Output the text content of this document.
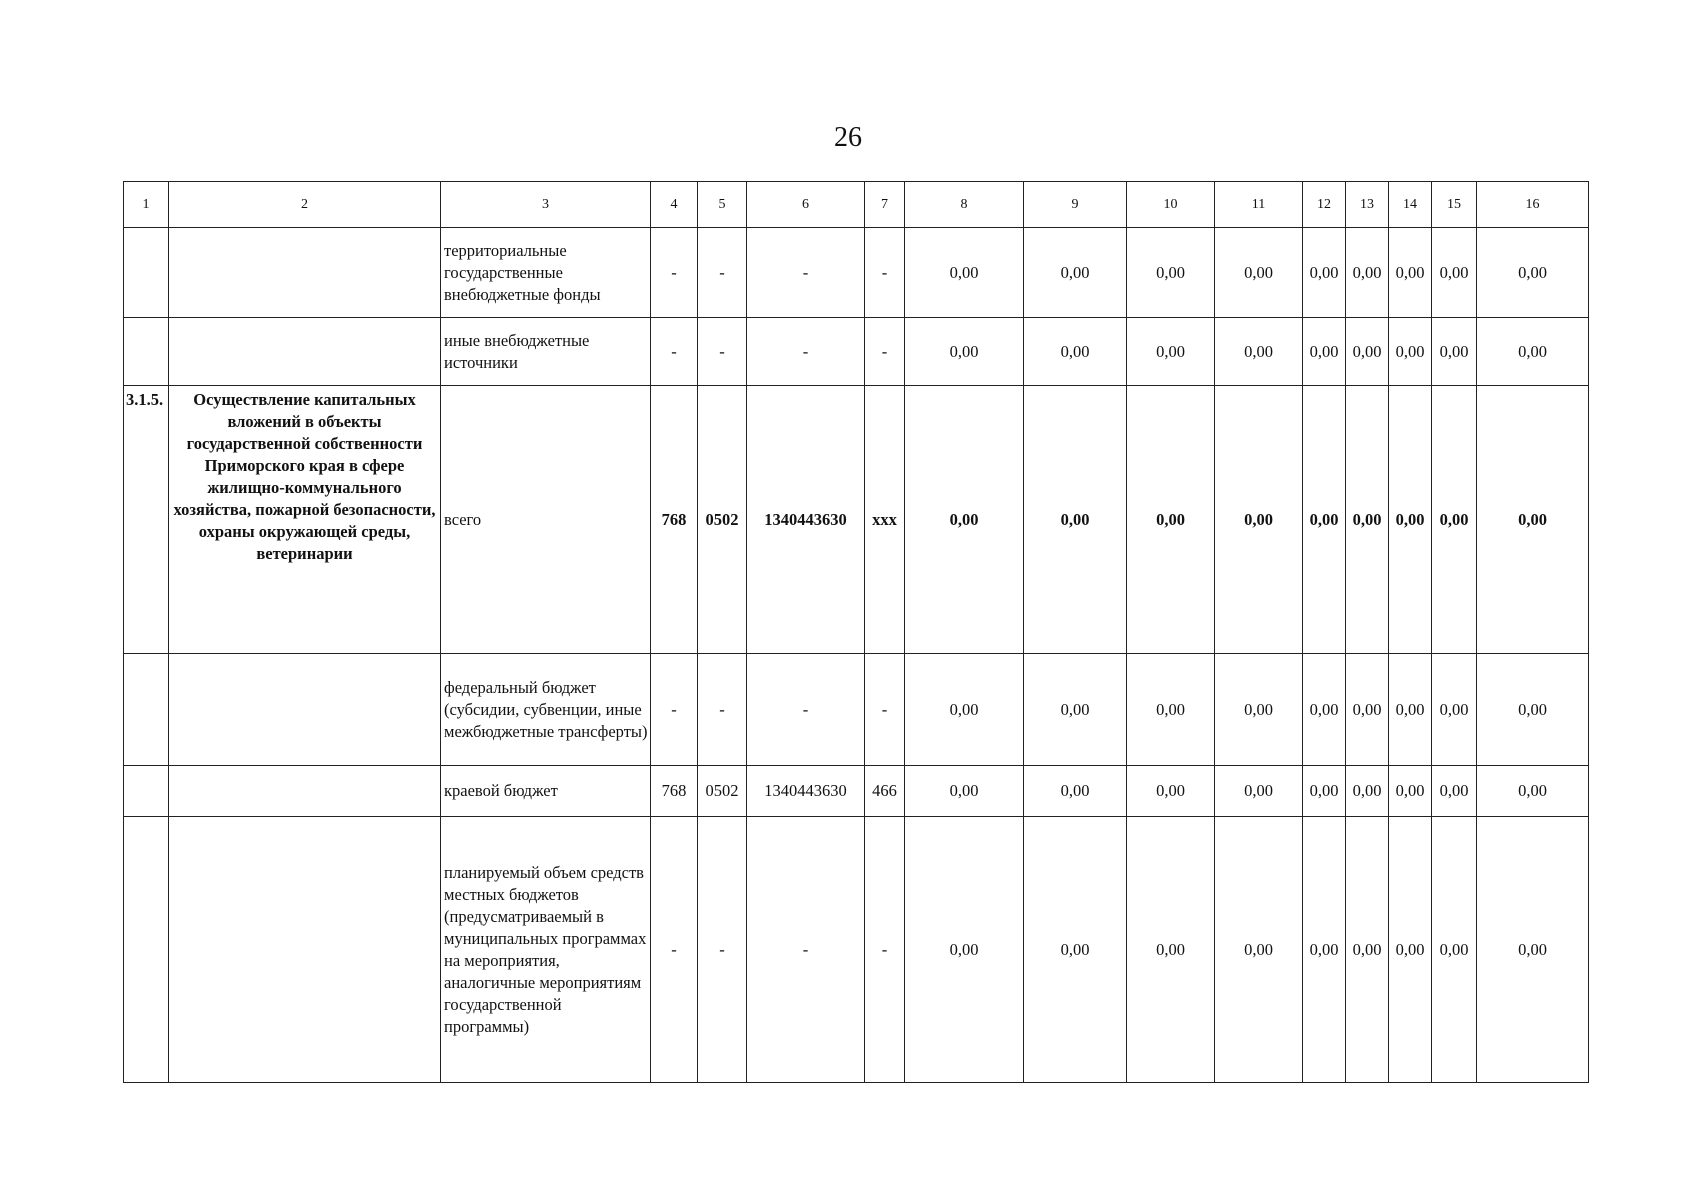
26
1	2	3	4	5	6	7	8	9	10	11	12	13	14	15	16
		территориальные государственные внебюджетные фонды	-	-	-	-	0,00	0,00	0,00	0,00	0,00	0,00	0,00	0,00	0,00
		иные внебюджетные источники	-	-	-	-	0,00	0,00	0,00	0,00	0,00	0,00	0,00	0,00	0,00
3.1.5.	Осуществление капитальных вложений в объекты государственной собственности Приморского края в сфере жилищно-коммунального хозяйства, пожарной безопасности, охраны окружающей среды, ветеринарии	всего	768	0502	1340443630	ххх	0,00	0,00	0,00	0,00	0,00	0,00	0,00	0,00	0,00
		федеральный бюджет (субсидии, субвенции, иные межбюджетные трансферты)	-	-	-	-	0,00	0,00	0,00	0,00	0,00	0,00	0,00	0,00	0,00
		краевой бюджет	768	0502	1340443630	466	0,00	0,00	0,00	0,00	0,00	0,00	0,00	0,00	0,00
		планируемый объем средств местных бюджетов (предусматриваемый в муниципальных программах на мероприятия, аналогичные мероприятиям государственной программы)	-	-	-	-	0,00	0,00	0,00	0,00	0,00	0,00	0,00	0,00	0,00
